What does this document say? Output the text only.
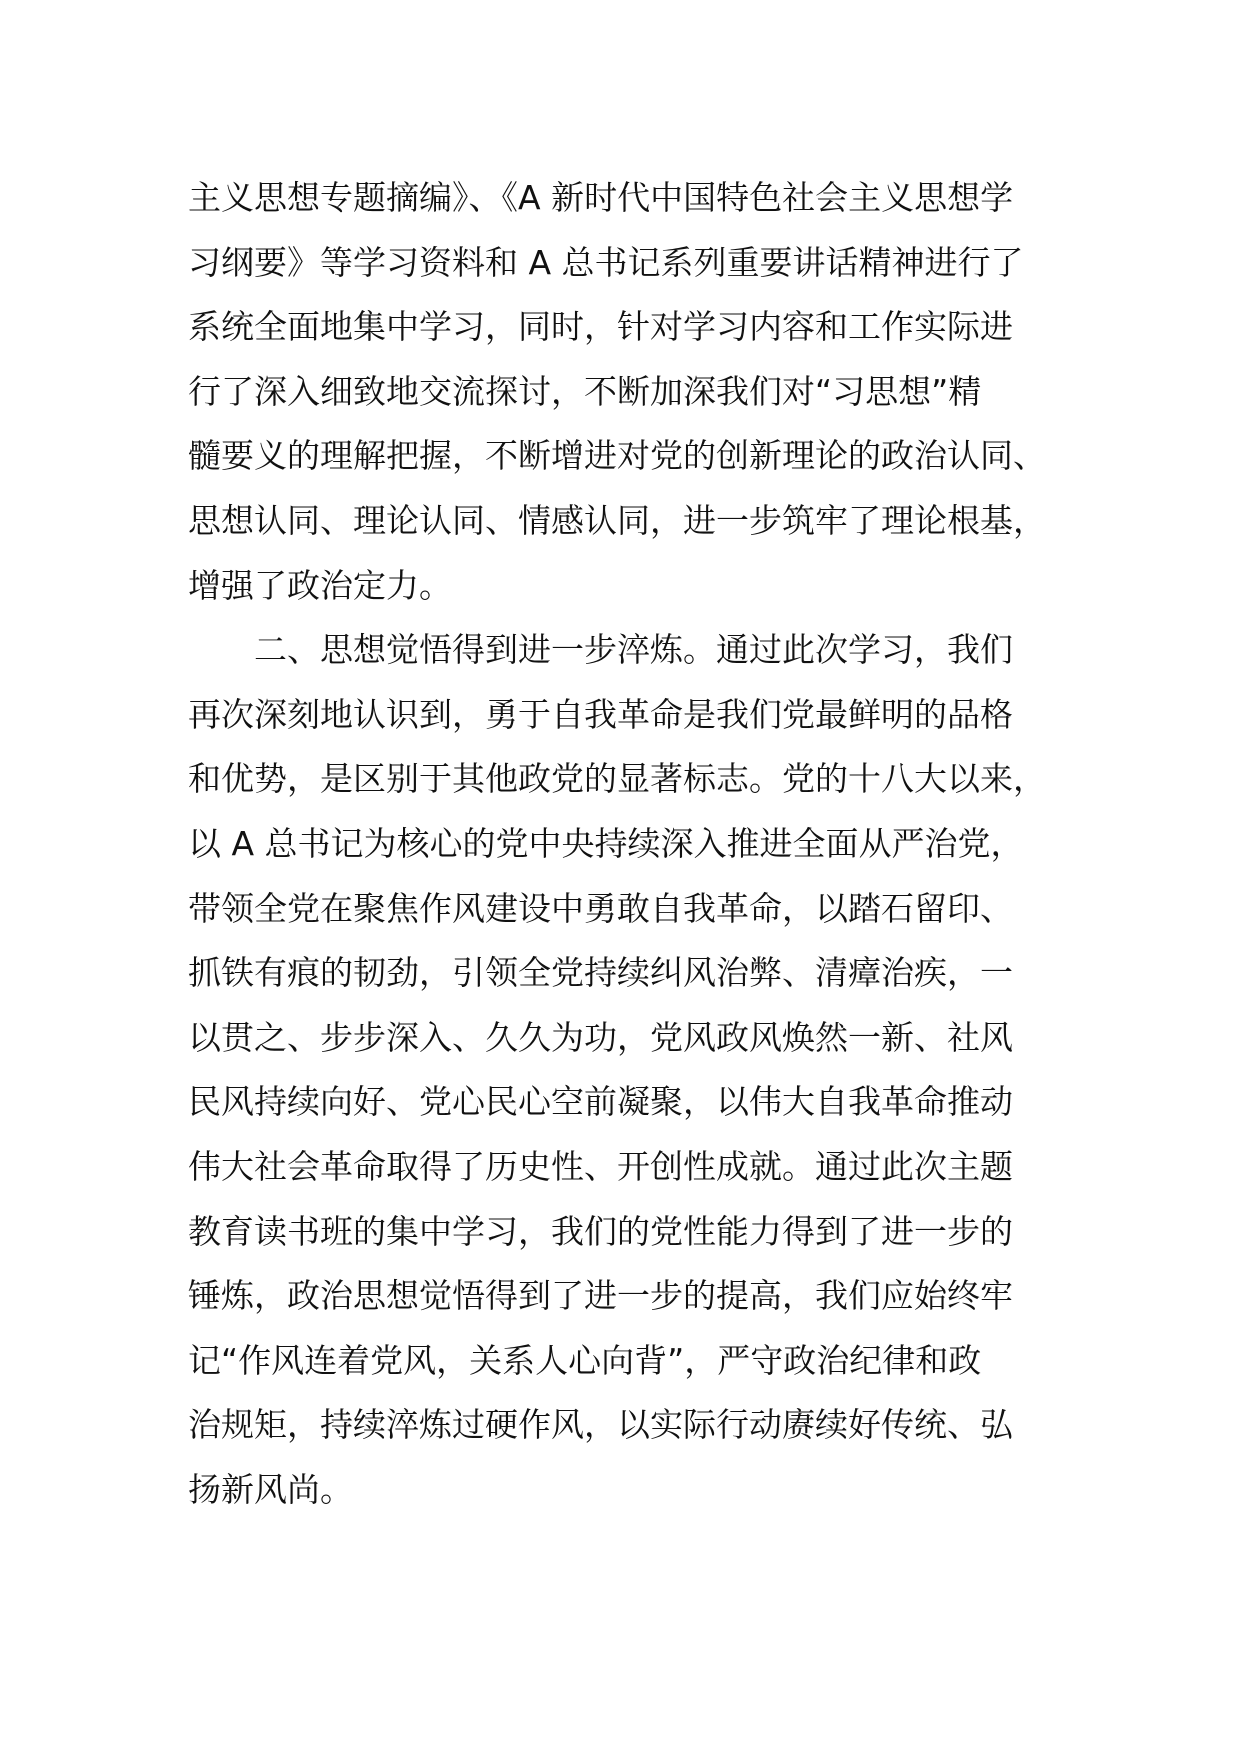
主义思想专题摘编》、《A 新时代中国特色社会主义思想学
习纲要》等学习资料和 A 总书记系列重要讲话精神进行了
系统全面地集中学习，同时，针对学习内容和工作实际进
行了深入细致地交流探讨，不断加深我们对“习思想”精
髓要义的理解把握，不断增进对党的创新理论的政治认同、
思想认同、理论认同、情感认同，进一步筑牢了理论根基，
增强了政治定力。
　　二、思想觉悟得到进一步淬炼。通过此次学习，我们
再次深刻地认识到，勇于自我革命是我们党最鲜明的品格
和优势，是区别于其他政党的显著标志。党的十八大以来，
以 A 总书记为核心的党中央持续深入推进全面从严治党，
带领全党在聚焦作风建设中勇敢自我革命，以踏石留印、
抓铁有痕的韧劲，引领全党持续纠风治弊、清瘴治疾，一
以贯之、步步深入、久久为功，党风政风焕然一新、社风
民风持续向好、党心民心空前凝聚，以伟大自我革命推动
伟大社会革命取得了历史性、开创性成就。通过此次主题
教育读书班的集中学习，我们的党性能力得到了进一步的
锤炼，政治思想觉悟得到了进一步的提高，我们应始终牢
记“作风连着党风，关系人心向背”，严守政治纪律和政
治规矩，持续淬炼过硬作风，以实际行动赓续好传统、弘
扬新风尚。
